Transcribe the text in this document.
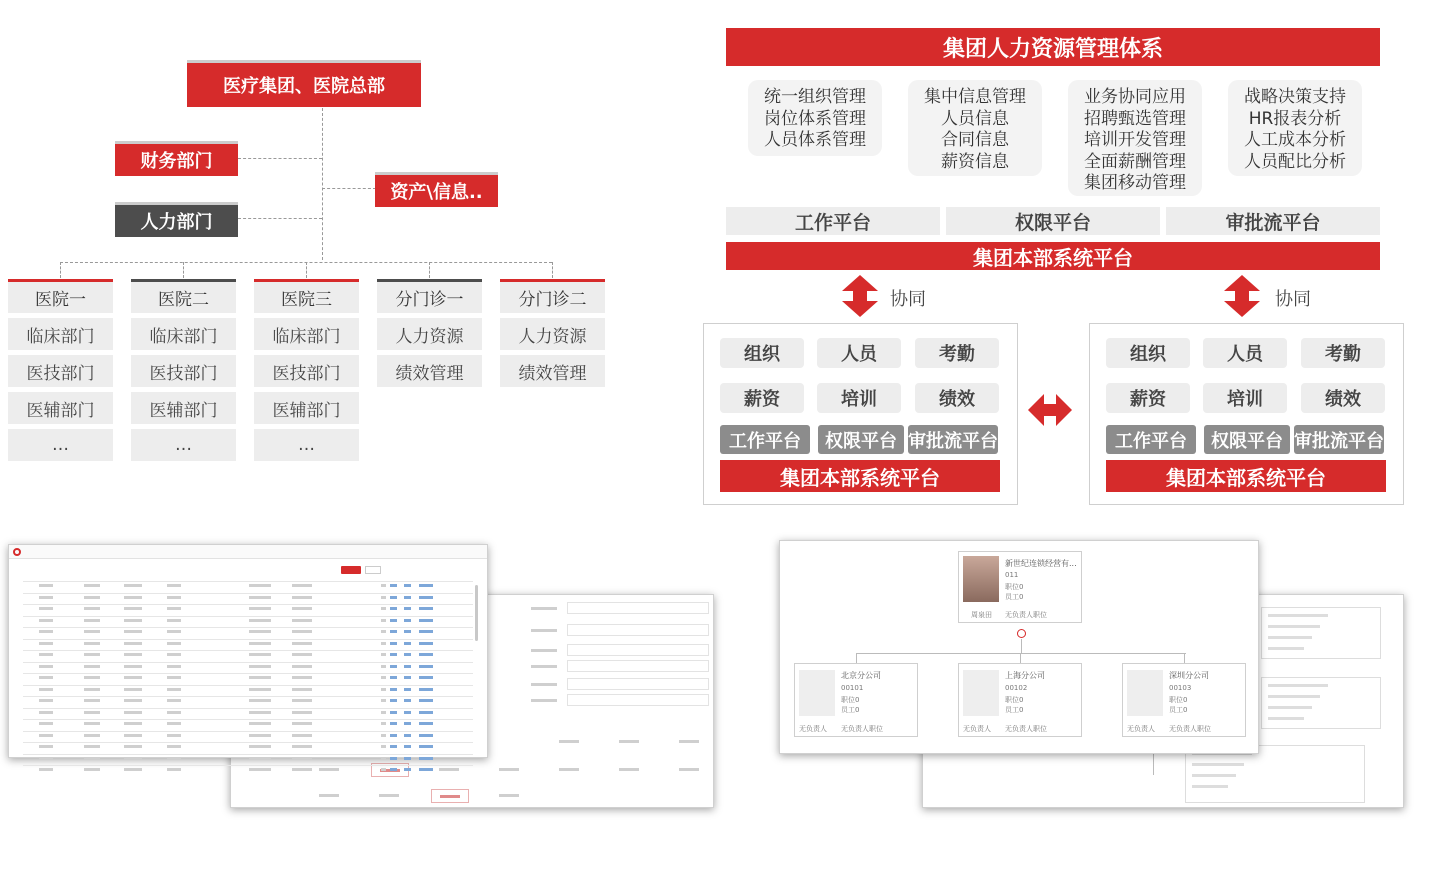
医疗集团、医院总部
财务部门
资产\信息..
人力部门
医院一
临床部门
医技部门
医辅部门
…
医院二
临床部门
医技部门
医辅部门
…
医院三
临床部门
医技部门
医辅部门
…
分门诊一
人力资源
绩效管理
分门诊二
人力资源
绩效管理
集团人力资源管理体系
统一组织管理
岗位体系管理
人员体系管理
集中信息管理
人员信息
合同信息
薪资信息
业务协同应用
招聘甄选管理
培训开发管理
全面薪酬管理
集团移动管理
战略决策支持
HR报表分析
人工成本分析
人员配比分析
工作平台	权限平台	审批流平台
集团本部系统平台
协同	协同
组织	人员	考勤
薪资	培训	绩效
工作平台	权限平台 审批流平台
集团本部系统平台
组织	人员	考勤
薪资	培训	绩效
工作平台	权限平台 审批流平台
集团本部系统平台
新世纪连锁经营有...
011
职位0
员工0
周泉田 无负责人职位
北京分公司
00101
职位0
员工0
无负责人 无负责人职位
上海分公司
00102
职位0
员工0
无负责人 无负责人职位
深圳分公司
00103
职位0
员工0
无负责人 无负责人职位
